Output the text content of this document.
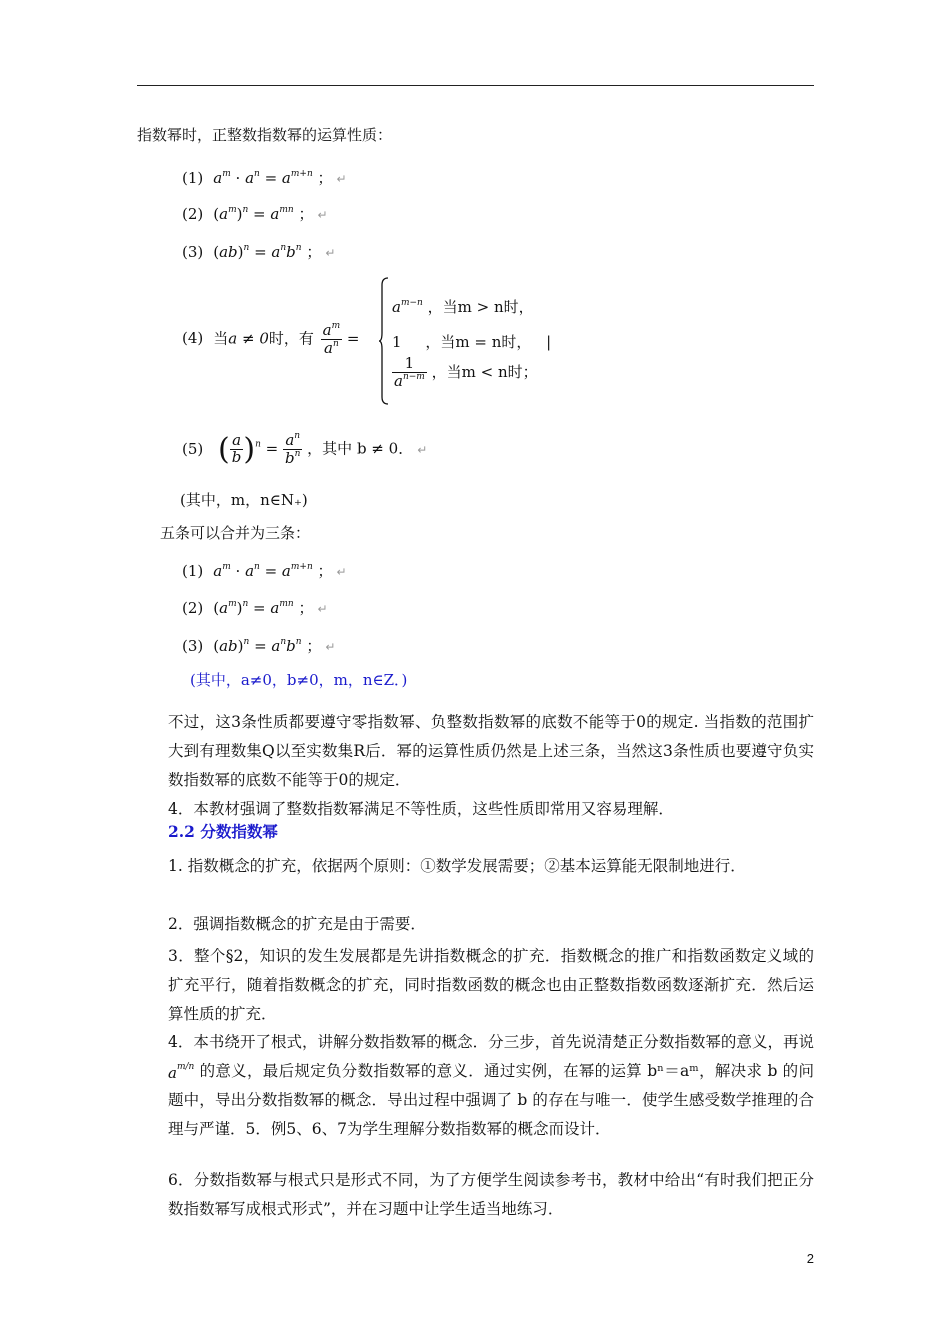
指数幂时，正整数指数幂的运算性质：
(1) $a^m \cdot a^n = a^{m+n}$ ； ↵
(2) $(a^m)^n = a^{mn}$ ； ↵
(3) $(ab)^n = a^nb^n$ ； ↵
(4) 当a ≠ 0时，有 $\frac{a^m}{a^n}$ =
$a^{m-n}$ ，当m > n时，
1     ，当m = n时， |
$\frac{1}{a^{n-m}}$ ，当m < n时；
(5) ( $\frac{a}{b} )^n = \frac{a^n}{b^n}$ ，其中 b ≠ 0． ↵
(其中，m，n∈N₊)
五条可以合并为三条：
(1) $a^m \cdot a^n = a^{m+n}$ ； ↵
(2) $(a^m)^n = a^{mn}$ ； ↵
(3) $(ab)^n = a^nb^n$ ； ↵
(其中，a≠0，b≠0，m，n∈Z．)
不过，这3条性质都要遵守零指数幂、负整数指数幂的底数不能等于0的规定. 当指数的范围扩大到有理数集Q以至实数集R后．幂的运算性质仍然是上述三条，当然这3条性质也要遵守负实数指数幂的底数不能等于0的规定．
4．本教材强调了整数指数幂满足不等性质，这些性质即常用又容易理解．
2.2 分数指数幂
1. 指数概念的扩充，依据两个原则：①数学发展需要；②基本运算能无限制地进行．
2．强调指数概念的扩充是由于需要．
3．整个§2，知识的发生发展都是先讲指数概念的扩充．指数概念的推广和指数函数定义域的扩充平行，随着指数概念的扩充，同时指数函数的概念也由正整数指数函数逐渐扩充．然后运算性质的扩充．
4．本书绕开了根式，讲解分数指数幂的概念．分三步，首先说清楚正分数指数幂的意义，再说$a^{m/n}$ 的意义，最后规定负分数指数幂的意义．通过实例，在幂的运算 bⁿ＝aᵐ，解决求 b 的问题中，导出分数指数幂的概念．导出过程中强调了 b 的存在与唯一．使学生感受数学推理的合理与严谨．5．例5、6、7为学生理解分数指数幂的概念而设计．
6．分数指数幂与根式只是形式不同，为了方便学生阅读参考书，教材中给出“有时我们把正分数指数幂写成根式形式”，并在习题中让学生适当地练习．
2
